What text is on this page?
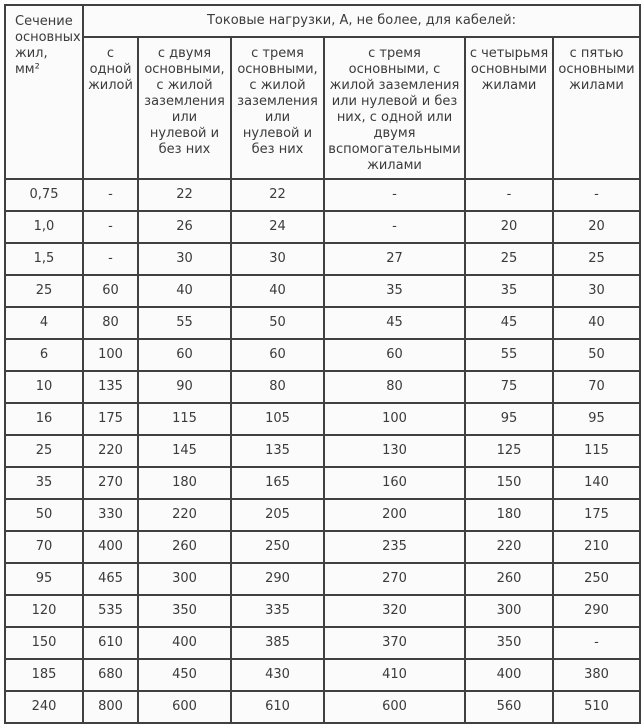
Сечение основных жил, мм²	Токовые нагрузки, А, не более, для кабелей:					
	с одной жилой	с двумя основными, с жилой заземления или нулевой и без них	с тремя основными, с жилой заземления или нулевой и без них	с тремя основными, с жилой заземления или нулевой и без них, с одной или двумя вспомогательными жилами	с четырьмя основными жилами	с пятью основными жилами
0,75	-	22	22	-	-	-
1,0	-	26	24	-	20	20
1,5	-	30	30	27	25	25
25	60	40	40	35	35	30
4	80	55	50	45	45	40
6	100	60	60	60	55	50
10	135	90	80	80	75	70
16	175	115	105	100	95	95
25	220	145	135	130	125	115
35	270	180	165	160	150	140
50	330	220	205	200	180	175
70	400	260	250	235	220	210
95	465	300	290	270	260	250
120	535	350	335	320	300	290
150	610	400	385	370	350	-
185	680	450	430	410	400	380
240	800	600	610	600	560	510
